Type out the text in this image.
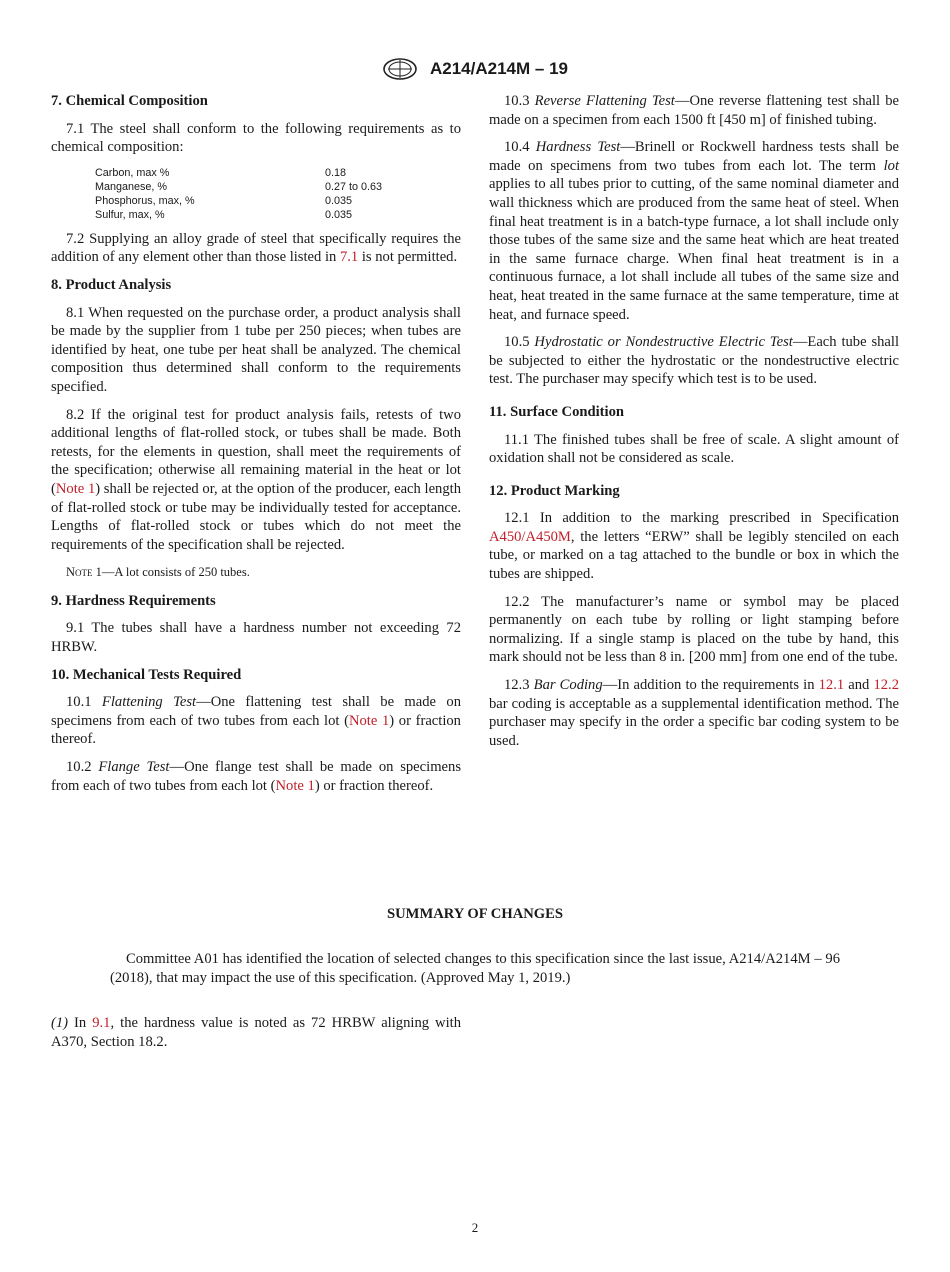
A214/A214M – 19
7. Chemical Composition

7.1 The steel shall conform to the following requirements as to chemical composition:

Carbon, max %	0.18
Manganese, %	0.27 to 0.63
Phosphorus, max, %	0.035
Sulfur, max, %	0.035

7.2 Supplying an alloy grade of steel that specifically requires the addition of any element other than those listed in 7.1 is not permitted.

8. Product Analysis

8.1 When requested on the purchase order, a product analysis shall be made by the supplier from 1 tube per 250 pieces; when tubes are identified by heat, one tube per heat shall be analyzed. The chemical composition thus determined shall conform to the requirements specified.

8.2 If the original test for product analysis fails, retests of two additional lengths of flat-rolled stock, or tubes shall be made. Both retests, for the elements in question, shall meet the requirements of the specification; otherwise all remaining material in the heat or lot (Note 1) shall be rejected or, at the option of the producer, each length of flat-rolled stock or tube may be individually tested for acceptance. Lengths of flat-rolled stock or tubes which do not meet the requirements of the specification shall be rejected.

Note 1—A lot consists of 250 tubes.
9. Hardness Requirements

9.1 The tubes shall have a hardness number not exceeding 72 HRBW.

10. Mechanical Tests Required

10.1 Flattening Test—One flattening test shall be made on specimens from each of two tubes from each lot (Note 1) or fraction thereof.

10.2 Flange Test—One flange test shall be made on specimens from each of two tubes from each lot (Note 1) or fraction thereof.

10.3 Reverse Flattening Test—One reverse flattening test shall be made on a specimen from each 1500 ft [450 m] of finished tubing.

10.4 Hardness Test—Brinell or Rockwell hardness tests shall be made on specimens from two tubes from each lot. The term lot applies to all tubes prior to cutting, of the same nominal diameter and wall thickness which are produced from the same heat of steel. When final heat treatment is in a batch-type furnace, a lot shall include only those tubes of the same size and the same heat which are heat treated in the same furnace charge. When final heat treatment is in a continuous furnace, a lot shall include all tubes of the same size and heat, heat treated in the same furnace at the same temperature, time at heat, and furnace speed.

10.5 Hydrostatic or Nondestructive Electric Test—Each tube shall be subjected to either the hydrostatic or the nondestructive electric test. The purchaser may specify which test is to be used.

11. Surface Condition

11.1 The finished tubes shall be free of scale. A slight amount of oxidation shall not be considered as scale.

12. Product Marking

12.1 In addition to the marking prescribed in Specification A450/A450M, the letters “ERW” shall be legibly stenciled on each tube, or marked on a tag attached to the bundle or box in which the tubes are shipped.

12.2 The manufacturer’s name or symbol may be placed permanently on each tube by rolling or light stamping before normalizing. If a single stamp is placed on the tube by hand, this mark should not be less than 8 in. [200 mm] from one end of the tube.

12.3 Bar Coding—In addition to the requirements in 12.1 and 12.2 bar coding is acceptable as a supplemental identification method. The purchaser may specify in the order a specific bar coding system to be used.

SUMMARY OF CHANGES
Committee A01 has identified the location of selected changes to this specification since the last issue, A214/A214M – 96 (2018), that may impact the use of this specification. (Approved May 1, 2019.)
(1) In 9.1, the hardness value is noted as 72 HRBW aligning with A370, Section 18.2.
2
